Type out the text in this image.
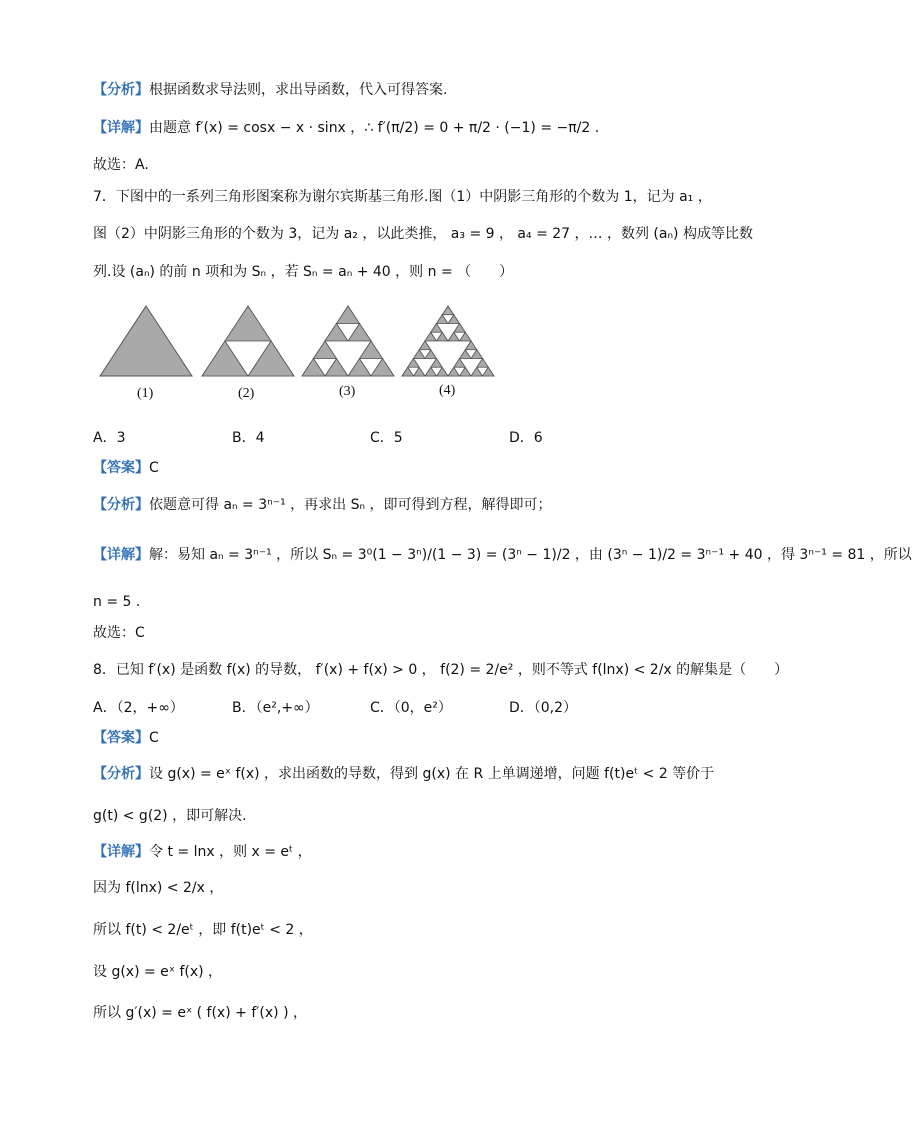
【分析】根据函数求导法则，求出导函数，代入可得答案.
【详解】由题意 f′(x) = cosx − x · sinx ，∴ f′(π/2) = 0 + π/2 · (−1) = −π/2 .
故选：A.
7．下图中的一系列三角形图案称为谢尔宾斯基三角形.图（1）中阴影三角形的个数为 1，记为 a₁ ，
图（2）中阴影三角形的个数为 3，记为 a₂ ，以此类推， a₃ = 9 ， a₄ = 27 ，… ，数列 (aₙ) 构成等比数
列.设 (aₙ) 的前 n 项和为 Sₙ ，若 Sₙ = aₙ + 40 ，则 n = （　　）
(1)	(2)	(3)	(4)
A．3	B．4	C．5	D．6
【答案】C
【分析】依题意可得 aₙ = 3ⁿ⁻¹ ，再求出 Sₙ ，即可得到方程，解得即可；
【详解】解：易知 aₙ = 3ⁿ⁻¹ ，所以 Sₙ = 3⁰(1 − 3ⁿ)/(1 − 3) = (3ⁿ − 1)/2 ，由 (3ⁿ − 1)/2 = 3ⁿ⁻¹ + 40 ，得 3ⁿ⁻¹ = 81 ，所以
n = 5 .
故选：C
8．已知 f′(x) 是函数 f(x) 的导数， f′(x) + f(x) > 0 ， f(2) = 2/e² ，则不等式 f(lnx) < 2/x 的解集是（　　）
A．（2，+∞）	B．（e²,+∞）	C．（0，e²）	D．（0,2）
【答案】C
【分析】设 g(x) = eˣ f(x) ，求出函数的导数，得到 g(x) 在 R 上单调递增，问题 f(t)eᵗ < 2 等价于
g(t) < g(2) ，即可解决.
【详解】令 t = lnx ，则 x = eᵗ ，
因为 f(lnx) < 2/x ，
所以 f(t) < 2/eᵗ ，即 f(t)eᵗ < 2 ，
设 g(x) = eˣ f(x) ，
所以 g′(x) = eˣ ( f(x) + f′(x) ) ，
